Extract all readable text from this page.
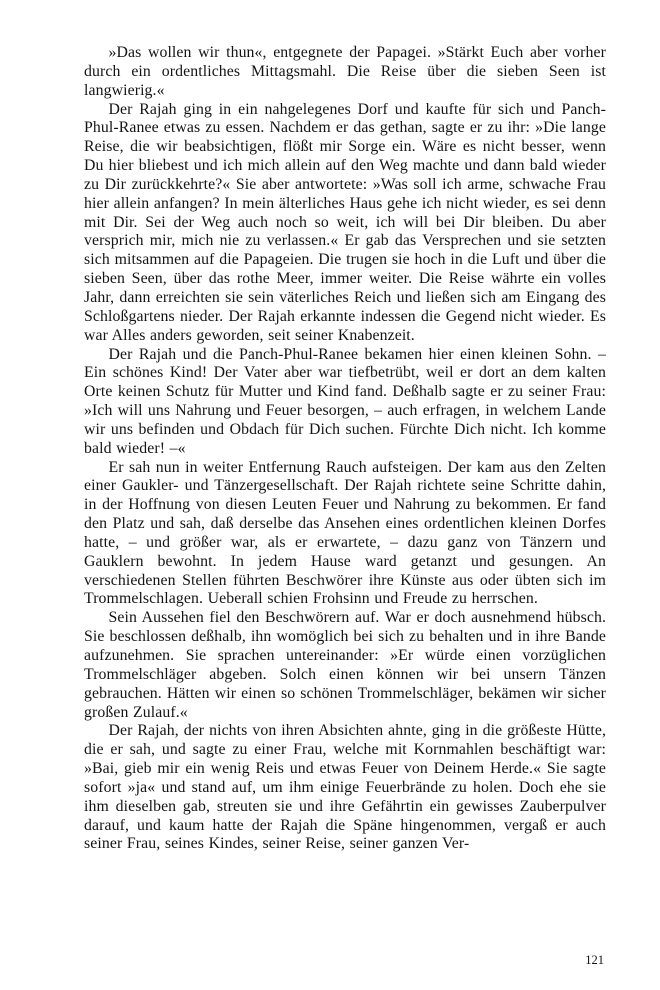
»Das wollen wir thun«, entgegnete der Papagei. »Stärkt Euch aber vorher durch ein ordentliches Mittagsmahl. Die Reise über die sieben Seen ist langwierig.«

Der Rajah ging in ein nahgelegenes Dorf und kaufte für sich und Panch-Phul-Ranee etwas zu essen. Nachdem er das gethan, sagte er zu ihr: »Die lange Reise, die wir beabsichtigen, flößt mir Sorge ein. Wäre es nicht besser, wenn Du hier bliebest und ich mich allein auf den Weg machte und dann bald wieder zu Dir zurückkehrte?« Sie aber antwortete: »Was soll ich arme, schwache Frau hier allein anfangen? In mein älterliches Haus gehe ich nicht wieder, es sei denn mit Dir. Sei der Weg auch noch so weit, ich will bei Dir bleiben. Du aber versprich mir, mich nie zu verlassen.« Er gab das Versprechen und sie setzten sich mitsammen auf die Papageien. Die trugen sie hoch in die Luft und über die sieben Seen, über das rothe Meer, immer weiter. Die Reise währte ein volles Jahr, dann erreichten sie sein väterliches Reich und ließen sich am Eingang des Schloßgartens nieder. Der Rajah erkannte indessen die Gegend nicht wieder. Es war Alles anders geworden, seit seiner Knabenzeit.

Der Rajah und die Panch-Phul-Ranee bekamen hier einen kleinen Sohn. – Ein schönes Kind! Der Vater aber war tiefbetrübt, weil er dort an dem kalten Orte keinen Schutz für Mutter und Kind fand. Deßhalb sagte er zu seiner Frau: »Ich will uns Nahrung und Feuer besorgen, – auch erfragen, in welchem Lande wir uns befinden und Obdach für Dich suchen. Fürchte Dich nicht. Ich komme bald wieder! –«

Er sah nun in weiter Entfernung Rauch aufsteigen. Der kam aus den Zelten einer Gaukler- und Tänzergesellschaft. Der Rajah richtete seine Schritte dahin, in der Hoffnung von diesen Leuten Feuer und Nahrung zu bekommen. Er fand den Platz und sah, daß derselbe das Ansehen eines ordentlichen kleinen Dorfes hatte, – und größer war, als er erwartete, – dazu ganz von Tänzern und Gauklern bewohnt. In jedem Hause ward getanzt und gesungen. An verschiedenen Stellen führten Beschwörer ihre Künste aus oder übten sich im Trommelschlagen. Ueberall schien Frohsinn und Freude zu herrschen.

Sein Aussehen fiel den Beschwörern auf. War er doch ausnehmend hübsch. Sie beschlossen deßhalb, ihn womöglich bei sich zu behalten und in ihre Bande aufzunehmen. Sie sprachen untereinander: »Er würde einen vorzüglichen Trommelschläger abgeben. Solch einen können wir bei unsern Tänzen gebrauchen. Hätten wir einen so schönen Trommelschläger, bekämen wir sicher großen Zulauf.«

Der Rajah, der nichts von ihren Absichten ahnte, ging in die größeste Hütte, die er sah, und sagte zu einer Frau, welche mit Kornmahlen beschäftigt war: »Bai, gieb mir ein wenig Reis und etwas Feuer von Deinem Herde.« Sie sagte sofort »ja« und stand auf, um ihm einige Feuerbrände zu holen. Doch ehe sie ihm dieselben gab, streuten sie und ihre Gefährtin ein gewisses Zauberpulver darauf, und kaum hatte der Rajah die Späne hingenommen, vergaß er auch seiner Frau, seines Kindes, seiner Reise, seiner ganzen Ver-

121
